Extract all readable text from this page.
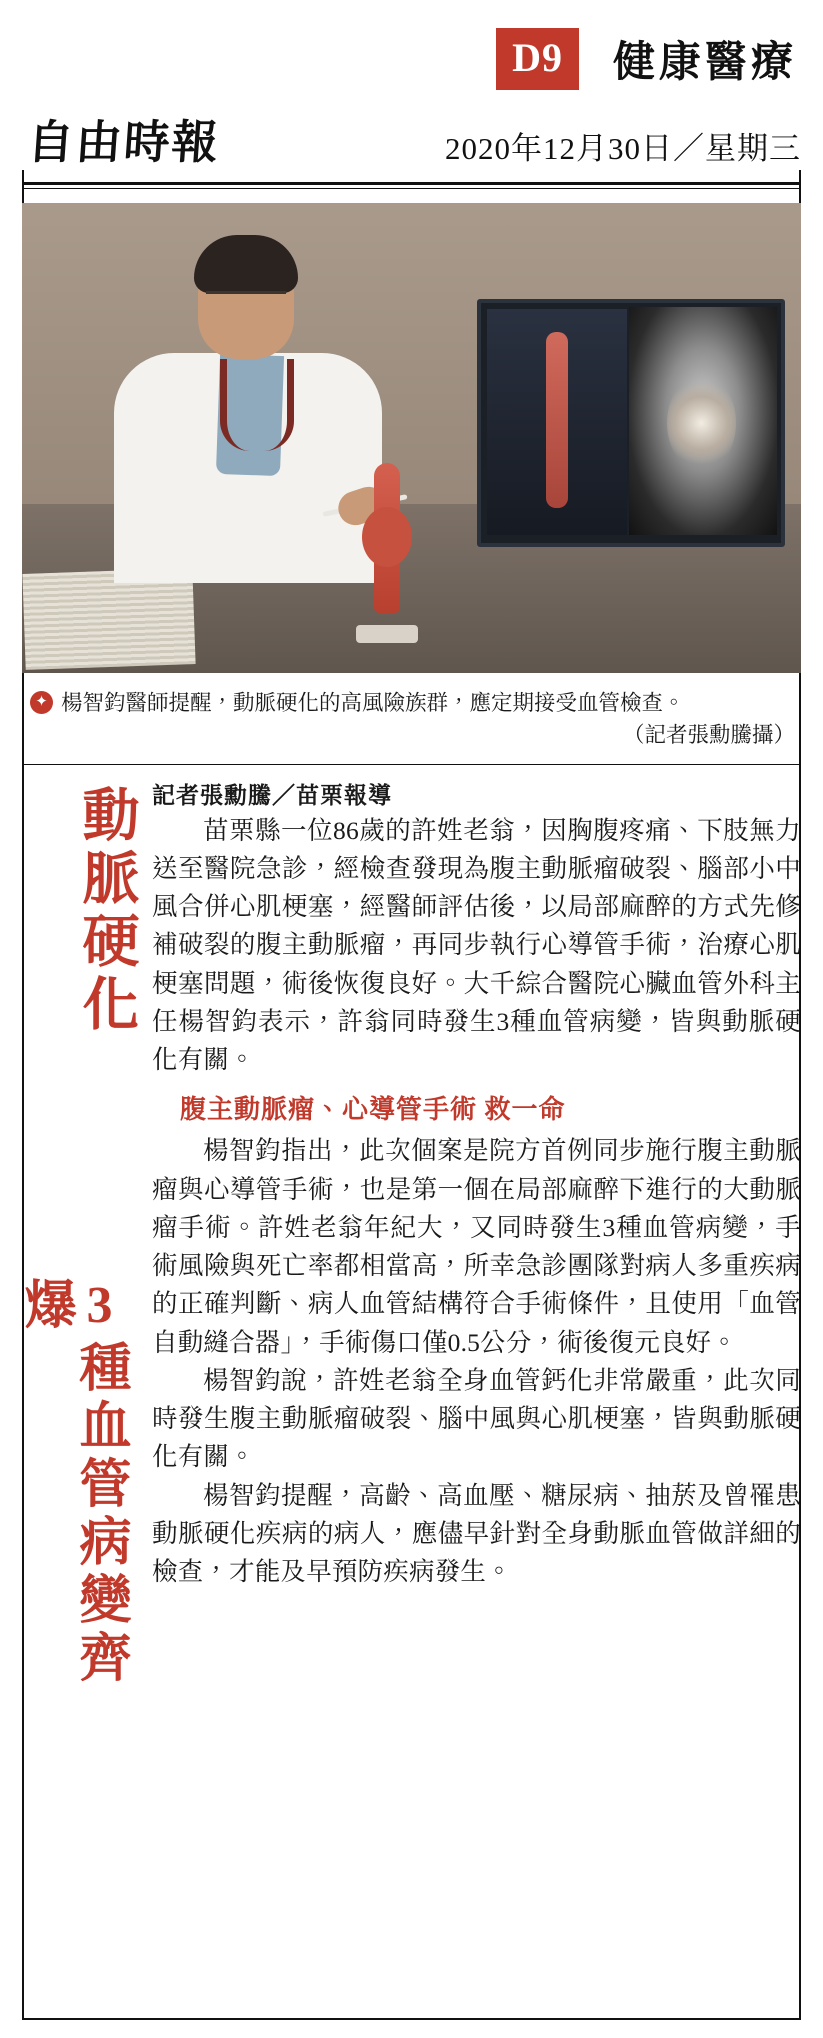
D9	健康醫療
自由時報	2020年12月30日／星期三
✦ 楊智鈞醫師提醒，動脈硬化的高風險族群，應定期接受血管檢查。
（記者張勳騰攝）
動脈硬化
3種血管病變齊爆
記者張勳騰／苗栗報導

苗栗縣一位86歲的許姓老翁，因胸腹疼痛、下肢無力送至醫院急診，經檢查發現為腹主動脈瘤破裂、腦部小中風合併心肌梗塞，經醫師評估後，以局部麻醉的方式先修補破裂的腹主動脈瘤，再同步執行心導管手術，治療心肌梗塞問題，術後恢復良好。大千綜合醫院心臟血管外科主任楊智鈞表示，許翁同時發生3種血管病變，皆與動脈硬化有關。

腹主動脈瘤、心導管手術 救一命

楊智鈞指出，此次個案是院方首例同步施行腹主動脈瘤與心導管手術，也是第一個在局部麻醉下進行的大動脈瘤手術。許姓老翁年紀大，又同時發生3種血管病變，手術風險與死亡率都相當高，所幸急診團隊對病人多重疾病的正確判斷、病人血管結構符合手術條件，且使用「血管自動縫合器」，手術傷口僅0.5公分，術後復元良好。

楊智鈞說，許姓老翁全身血管鈣化非常嚴重，此次同時發生腹主動脈瘤破裂、腦中風與心肌梗塞，皆與動脈硬化有關。

楊智鈞提醒，高齡、高血壓、糖尿病、抽菸及曾罹患動脈硬化疾病的病人，應儘早針對全身動脈血管做詳細的檢查，才能及早預防疾病發生。
